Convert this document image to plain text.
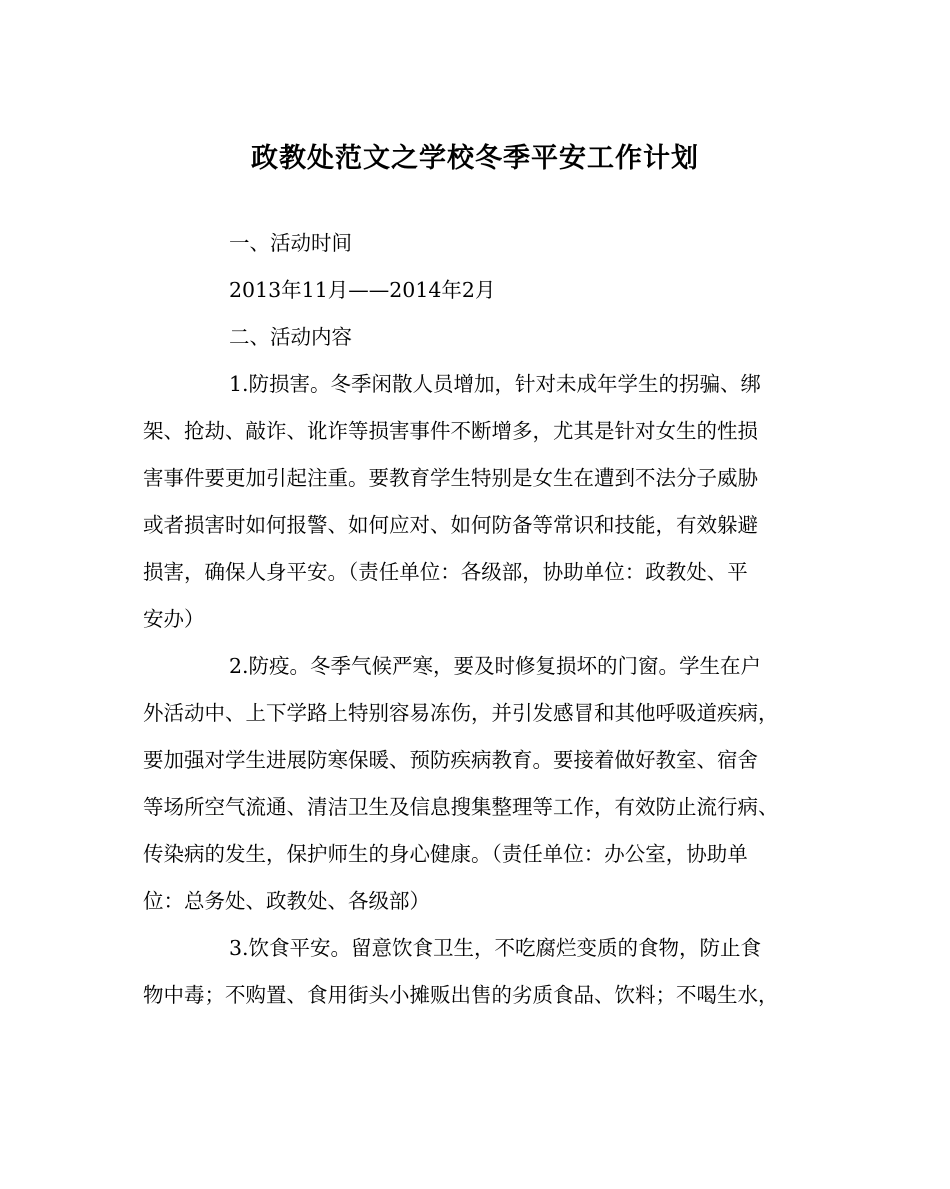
政教处范文之学校冬季平安工作计划
一、活动时间
2013年11月——2014年2月
二、活动内容
1.防损害。冬季闲散人员增加，针对未成年学生的拐骗、绑
架、抢劫、敲诈、讹诈等损害事件不断增多，尤其是针对女生的性损
害事件要更加引起注重。要教育学生特别是女生在遭到不法分子威胁
或者损害时如何报警、如何应对、如何防备等常识和技能，有效躲避
损害，确保人身平安。（责任单位：各级部，协助单位：政教处、平
安办）
2.防疫。冬季气候严寒，要及时修复损坏的门窗。学生在户
外活动中、上下学路上特别容易冻伤，并引发感冒和其他呼吸道疾病，
要加强对学生进展防寒保暖、预防疾病教育。要接着做好教室、宿舍
等场所空气流通、清洁卫生及信息搜集整理等工作，有效防止流行病、
传染病的发生，保护师生的身心健康。（责任单位：办公室，协助单
位：总务处、政教处、各级部）
3.饮食平安。留意饮食卫生，不吃腐烂变质的食物，防止食
物中毒；不购置、食用街头小摊贩出售的劣质食品、饮料；不喝生水，
